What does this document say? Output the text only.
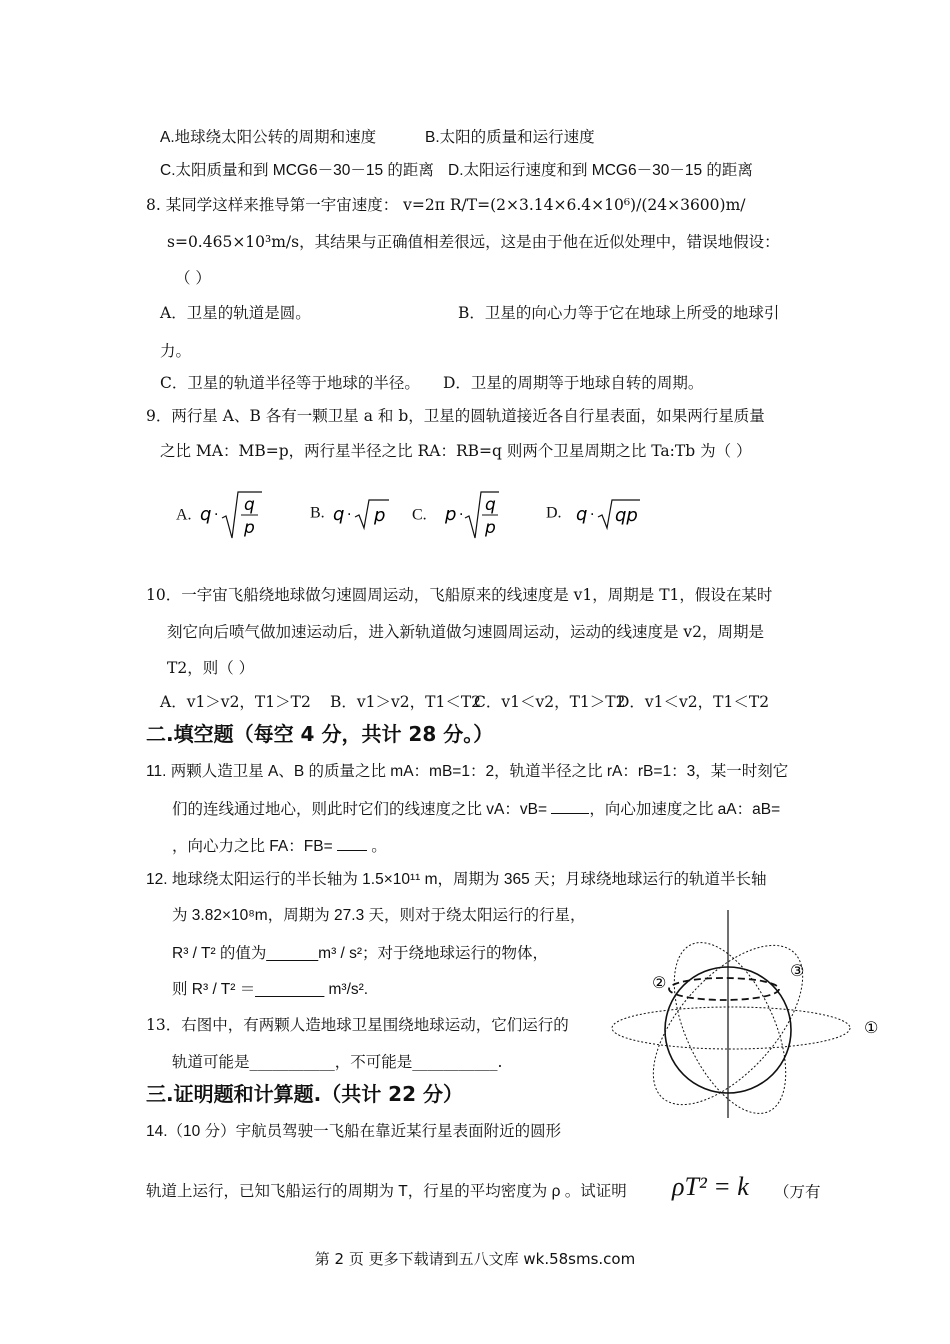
A.地球绕太阳公转的周期和速度	B.太阳的质量和运行速度
C.太阳质量和到 MCG6－30－15 的距离 D.太阳运行速度和到 MCG6－30－15 的距离
8. 某同学这样来推导第一宇宙速度： v=2π R/T=(2×3.14×6.4×10⁶)/(24×3600)m/
s=0.465×10³m/s，其结果与正确值相差很远，这是由于他在近似处理中，错误地假设：
（ ）
A．卫星的轨道是圆。	B．卫星的向心力等于它在地球上所受的地球引
力。
C．卫星的轨道半径等于地球的半径。 D．卫星的周期等于地球自转的周期。
9．两行星 A、B 各有一颗卫星 a 和 b，卫星的圆轨道接近各自行星表面，如果两行星质量
之比 MA：MB=p，两行星半径之比 RA：RB=q 则两个卫星周期之比 Ta:Tb 为（ ）
A. q · q
p
B. q · p C. p · q
p
D. q · qp
10．一宇宙飞船绕地球做匀速圆周运动，飞船原来的线速度是 v1，周期是 T1，假设在某时
刻它向后喷气做加速运动后，进入新轨道做匀速圆周运动，运动的线速度是 v2，周期是
T2，则（ ）
A．v1＞v2，T1＞T2 B．v1＞v2，T1＜T2
C．v1＜v2，T1＞T2
D．v1＜v2，T1＜T2
二.填空题（每空 4 分，共计 28 分。）
11. 两颗人造卫星 A、B 的质量之比 mA：mB=1：2，轨道半径之比 rA：rB=1：3，某一时刻它
们的连线通过地心，则此时它们的线速度之比 vA：vB= ，向心加速度之比 aA：aB=
，向心力之比 FA：FB=  。
12. 地球绕太阳运行的半长轴为 1.5×10¹¹ m，周期为 365 天；月球绕地球运行的轨道半长轴
为 3.82×10⁸m，周期为 27.3 天，则对于绕太阳运行的行星，
R³ / T² 的值为______m³ / s²；对于绕地球运行的物体，
则 R³ / T² ＝________ m³/s².
13．右图中，有两颗人造地球卫星围绕地球运动，它们运行的
轨道可能是___________，不可能是___________.
①
②
③
三.证明题和计算题.（共计 22 分）
14.（10 分）宇航员驾驶一飞船在靠近某行星表面附近的圆形
轨道上运行，已知飞船运行的周期为 T，行星的平均密度为 ρ 。试证明 ρT² = k （万有
第 2 页 更多下载请到五八文库 wk.58sms.com
